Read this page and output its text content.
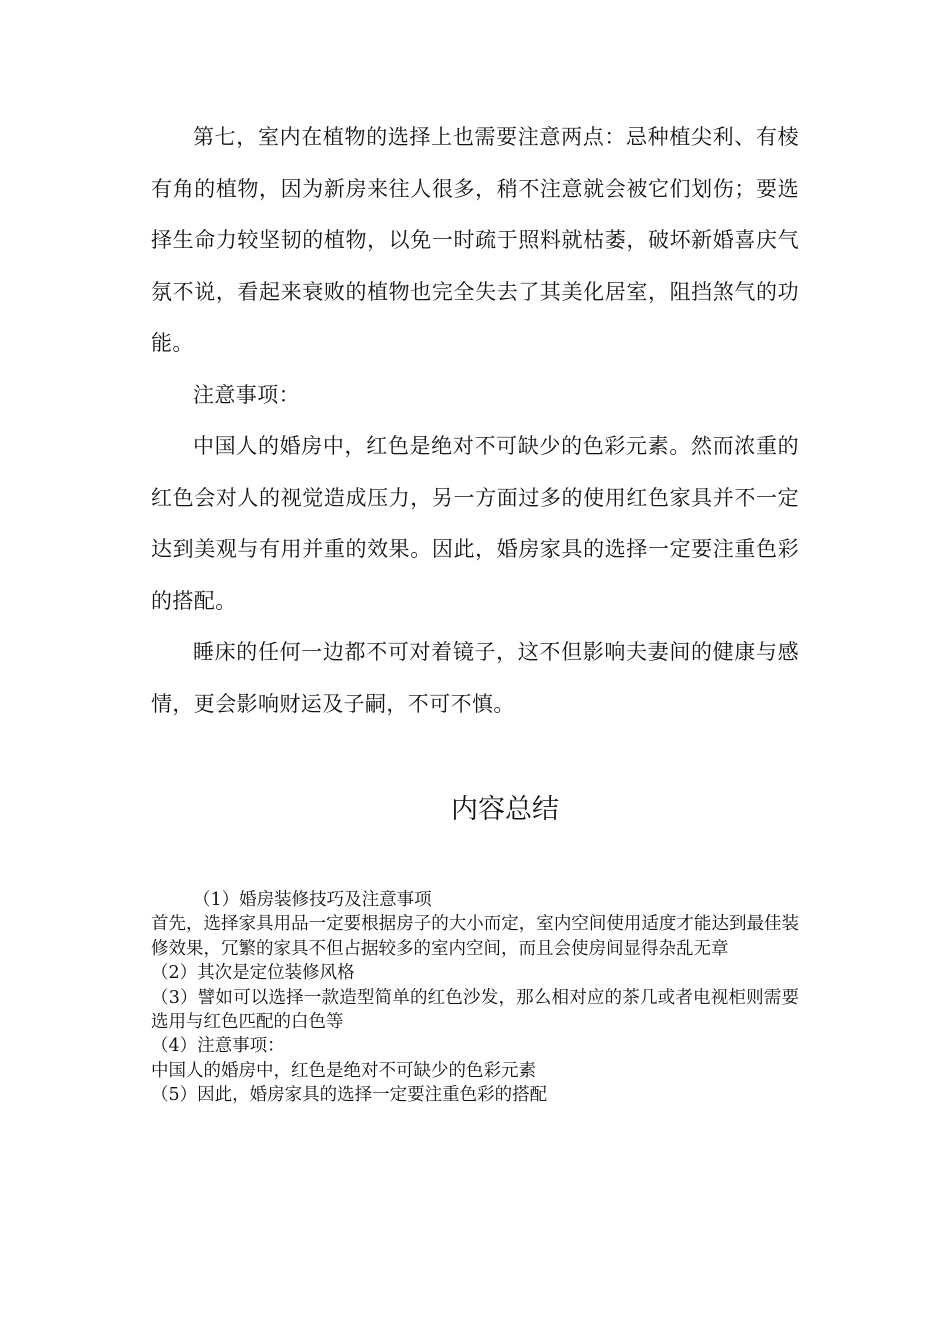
第七，室内在植物的选择上也需要注意两点：忌种植尖利、有棱有角的植物，因为新房来往人很多，稍不注意就会被它们划伤；要选择生命力较坚韧的植物，以免一时疏于照料就枯萎，破坏新婚喜庆气氛不说，看起来衰败的植物也完全失去了其美化居室，阻挡煞气的功能。

注意事项：

中国人的婚房中，红色是绝对不可缺少的色彩元素。然而浓重的红色会对人的视觉造成压力，另一方面过多的使用红色家具并不一定达到美观与有用并重的效果。因此，婚房家具的选择一定要注重色彩的搭配。

睡床的任何一边都不可对着镜子，这不但影响夫妻间的健康与感情，更会影响财运及子嗣，不可不慎。

内容总结

（1）婚房装修技巧及注意事项

首先，选择家具用品一定要根据房子的大小而定，室内空间使用适度才能达到最佳装修效果，冗繁的家具不但占据较多的室内空间，而且会使房间显得杂乱无章

（2）其次是定位装修风格

（3）譬如可以选择一款造型简单的红色沙发，那么相对应的茶几或者电视柜则需要选用与红色匹配的白色等

（4）注意事项：

中国人的婚房中，红色是绝对不可缺少的色彩元素

（5）因此，婚房家具的选择一定要注重色彩的搭配
